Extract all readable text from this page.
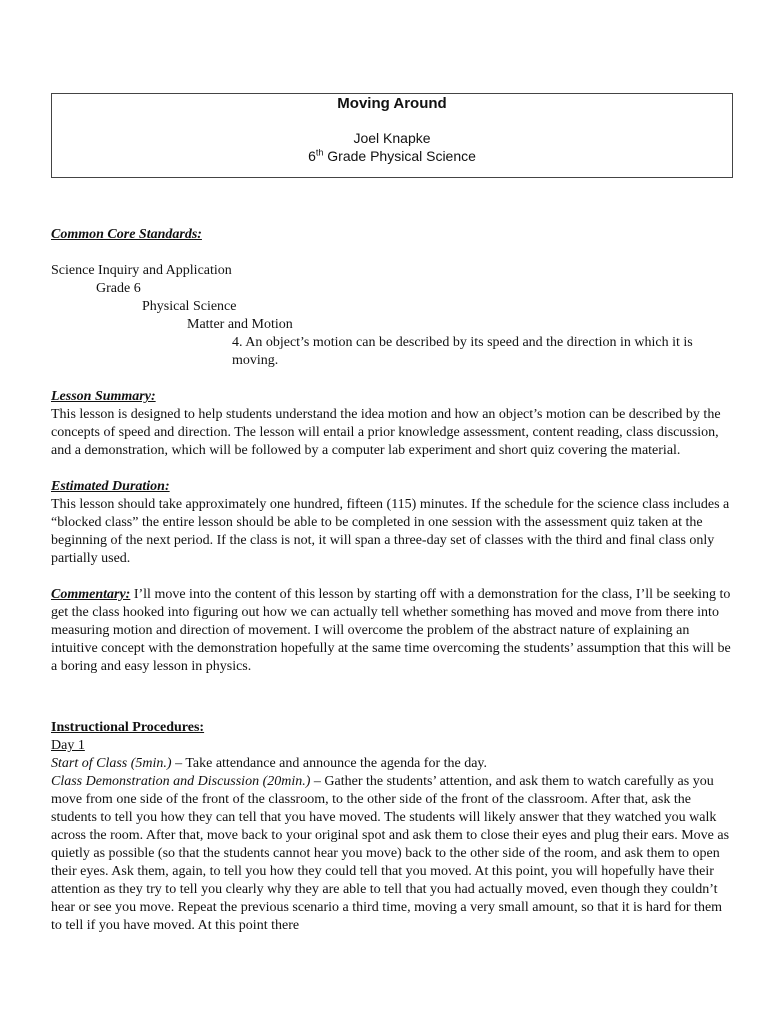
Moving Around
Joel Knapke
6th Grade Physical Science

Common Core Standards:

Science Inquiry and Application

Grade 6

Physical Science

Matter and Motion

4. An object’s motion can be described by its speed and the direction in which it is moving.

Lesson Summary:

This lesson is designed to help students understand the idea motion and how an object’s motion can be described by the concepts of speed and direction. The lesson will entail a prior knowledge assessment, content reading, class discussion, and a demonstration, which will be followed by a computer lab experiment and short quiz covering the material.

Estimated Duration:

This lesson should take approximately one hundred, fifteen (115) minutes. If the schedule for the science class includes a “blocked class” the entire lesson should be able to be completed in one session with the assessment quiz taken at the beginning of the next period. If the class is not, it will span a three-day set of classes with the third and final class only partially used.

Commentary: I’ll move into the content of this lesson by starting off with a demonstration for the class, I’ll be seeking to get the class hooked into figuring out how we can actually tell whether something has moved and move from there into measuring motion and direction of movement. I will overcome the problem of the abstract nature of explaining an intuitive concept with the demonstration hopefully at the same time overcoming the students’ assumption that this will be a boring and easy lesson in physics.

Instructional Procedures:

Day 1

Start of Class (5min.) – Take attendance and announce the agenda for the day.

Class Demonstration and Discussion (20min.) – Gather the students’ attention, and ask them to watch carefully as you move from one side of the front of the classroom, to the other side of the front of the classroom. After that, ask the students to tell you how they can tell that you have moved. The students will likely answer that they watched you walk across the room. After that, move back to your original spot and ask them to close their eyes and plug their ears. Move as quietly as possible (so that the students cannot hear you move) back to the other side of the room, and ask them to open their eyes. Ask them, again, to tell you how they could tell that you moved. At this point, you will hopefully have their attention as they try to tell you clearly why they are able to tell that you had actually moved, even though they couldn’t hear or see you move. Repeat the previous scenario a third time, moving a very small amount, so that it is hard for them to tell if you have moved. At this point there
